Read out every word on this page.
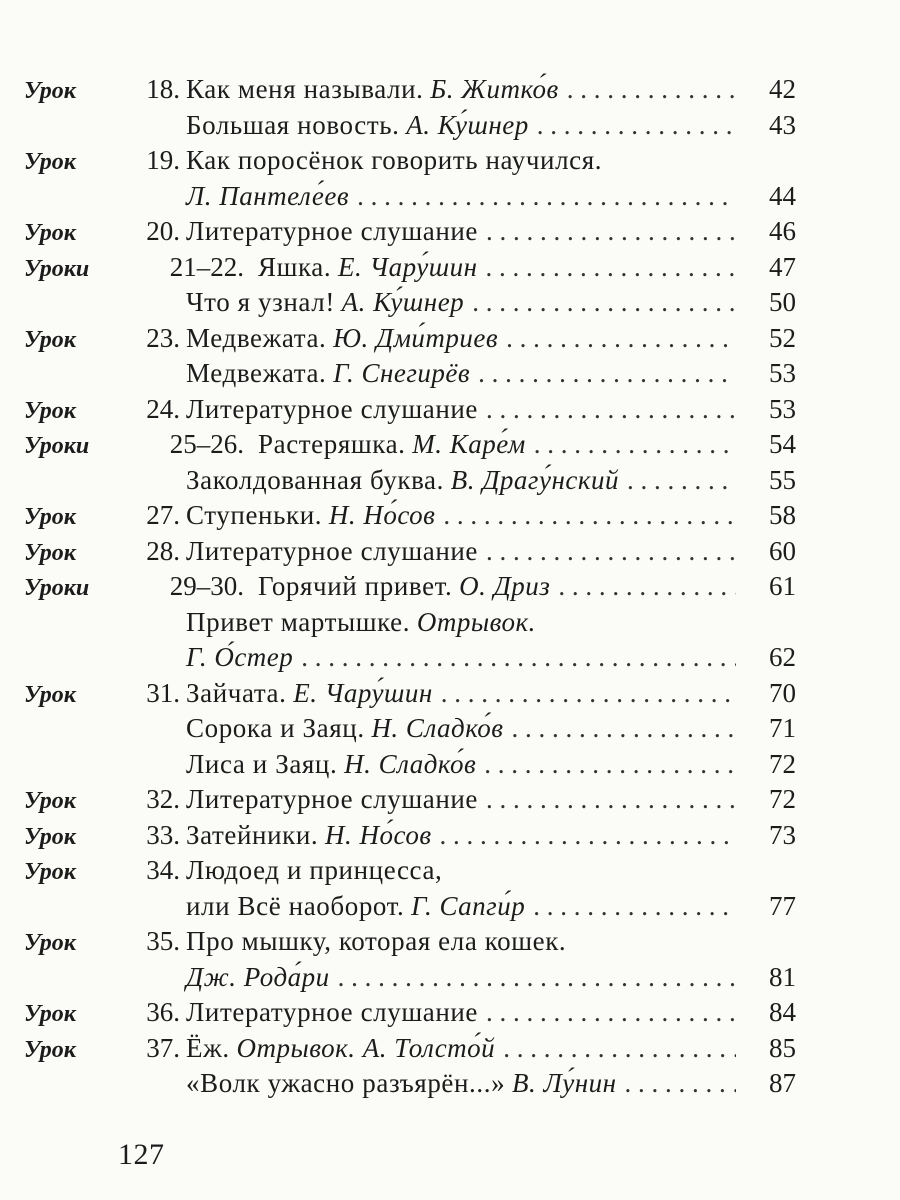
Урок	18. Как меня называли. Б. Житко́в . . .	42
Большая новость. А. Ку́шнер . . .	43
Урок	19. Как поросёнок говорить научился.
Л. Пантеле́ев . . .	44
Урок	20. Литературное слушание . . .	46
Уроки	21–22. Яшка. Е. Чару́шин . . .	47
Что я узнал! А. Ку́шнер . . .	50
Урок	23. Медвежата. Ю. Дми́триев . . .	52
Медвежата. Г. Снегирёв . . .	53
Урок	24. Литературное слушание . . .	53
Уроки	25–26. Растеряшка. М. Каре́м . . .	54
Заколдованная буква. В. Драгу́нский . . .	55
Урок	27. Ступеньки. Н. Но́сов . . .	58
Урок	28. Литературное слушание . . .	60
Уроки	29–30. Горячий привет. О. Дриз . . .	61
Привет мартышке. Отрывок.
Г. О́стер . . .	62
Урок	31. Зайчата. Е. Чару́шин . . .	70
Сорока и Заяц. Н. Сладко́в . . .	71
Лиса и Заяц. Н. Сладко́в . . .	72
Урок	32. Литературное слушание . . .	72
Урок	33. Затейники. Н. Но́сов . . .	73
Урок	34. Людоед и принцесса,
или Всё наоборот. Г. Сапги́р . . .	77
Урок	35. Про мышку, которая ела кошек.
Дж. Рода́ри . . .	81
Урок	36. Литературное слушание . . .	84
Урок	37. Ёж. Отрывок. А. Толсто́й . . .	85
«Волк ужасно разъярён...» В. Лу́нин . . .	87
127
